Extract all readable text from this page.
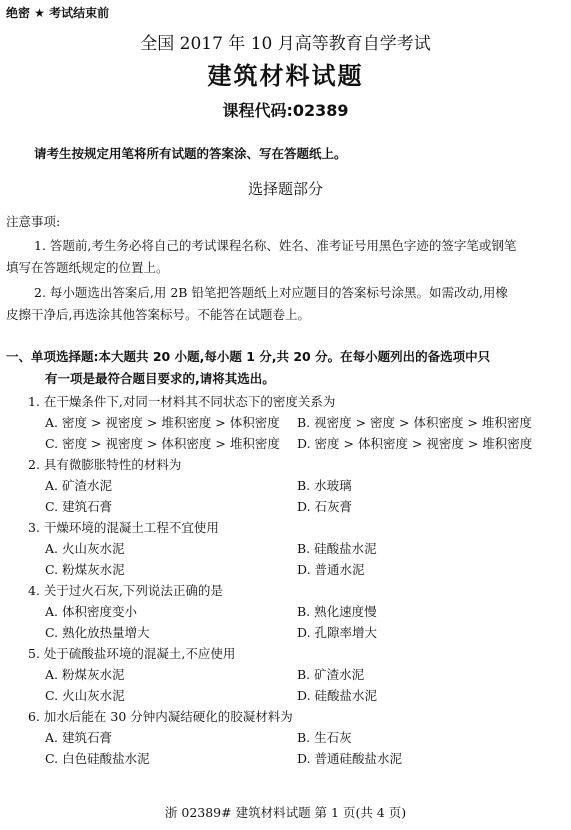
绝密 ★ 考试结束前
全国 2017 年 10 月高等教育自学考试
建筑材料试题
课程代码:02389
请考生按规定用笔将所有试题的答案涂、写在答题纸上。
选择题部分
注意事项:
1. 答题前,考生务必将自己的考试课程名称、姓名、准考证号用黑色字迹的签字笔或钢笔
填写在答题纸规定的位置上。
2. 每小题选出答案后,用 2B 铅笔把答题纸上对应题目的答案标号涂黑。如需改动,用橡
皮擦干净后,再选涂其他答案标号。不能答在试题卷上。
一、单项选择题:本大题共 20 小题,每小题 1 分,共 20 分。在每小题列出的备选项中只
有一项是最符合题目要求的,请将其选出。
1. 在干燥条件下,对同一材料其不同状态下的密度关系为
A. 密度 > 视密度 > 堆积密度 > 体积密度 B. 视密度 > 密度 > 体积密度 > 堆积密度
C. 密度 > 视密度 > 体积密度 > 堆积密度 D. 密度 > 体积密度 > 视密度 > 堆积密度
2. 具有微膨胀特性的材料为
A. 矿渣水泥	B. 水玻璃
C. 建筑石膏	D. 石灰膏
3. 干燥环境的混凝土工程不宜使用
A. 火山灰水泥	B. 硅酸盐水泥
C. 粉煤灰水泥	D. 普通水泥
4. 关于过火石灰,下列说法正确的是
A. 体积密度变小	B. 熟化速度慢
C. 熟化放热量增大	D. 孔隙率增大
5. 处于硫酸盐环境的混凝土,不应使用
A. 粉煤灰水泥	B. 矿渣水泥
C. 火山灰水泥	D. 硅酸盐水泥
6. 加水后能在 30 分钟内凝结硬化的胶凝材料为
A. 建筑石膏	B. 生石灰
C. 白色硅酸盐水泥	D. 普通硅酸盐水泥
浙 02389# 建筑材料试题 第 1 页(共 4 页)
